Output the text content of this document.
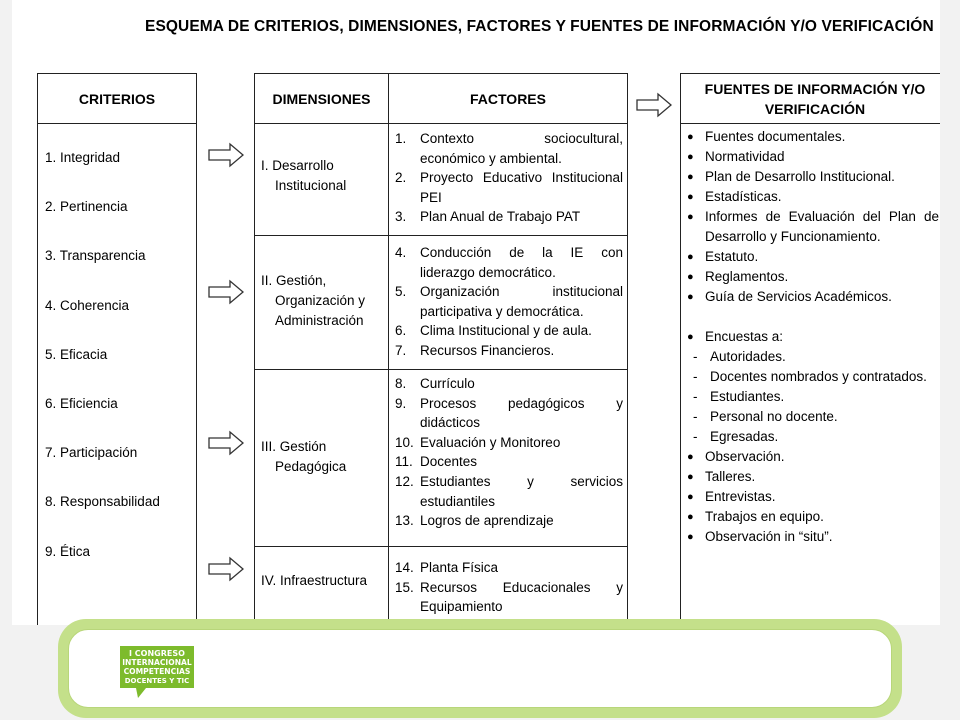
ESQUEMA DE CRITERIOS, DIMENSIONES, FACTORES Y FUENTES DE INFORMACIÓN Y/O VERIFICACIÓN
CRITERIOS
1. Integridad
2. Pertinencia
3. Transparencia
4. Coherencia
5. Eficacia
6. Eficiencia
7. Participación
8. Responsabilidad
9. Ética
DIMENSIONES	FACTORES
I. Desarrollo
Institucional
1.	Contexto sociocultural, económico y ambiental.
2.	Proyecto Educativo Institucional PEI
3.	Plan Anual de Trabajo PAT
II. Gestión,
Organización y
Administración
4.	Conducción de la IE con liderazgo democrático.
5.	Organización institucional participativa y democrática.
6.	Clima Institucional y de aula.
7.	Recursos Financieros.
III. Gestión
Pedagógica
8.	Currículo
9.	Procesos pedagógicos y didácticos
10. Evaluación y Monitoreo
11. Docentes
12. Estudiantes y servicios estudiantiles
13. Logros de aprendizaje
IV. Infraestructura
14. Planta Física
15. Recursos Educacionales y Equipamiento
FUENTES DE INFORMACIÓN Y/O
VERIFICACIÓN
● Fuentes documentales.
● Normatividad
● Plan de Desarrollo Institucional.
● Estadísticas.
● Informes de Evaluación del Plan de Desarrollo y Funcionamiento.
● Estatuto.
● Reglamentos.
● Guía de Servicios Académicos.
● Encuestas a:
- Autoridades.
- Docentes nombrados y contratados.
- Estudiantes.
- Personal no docente.
- Egresadas.
● Observación.
● Talleres.
● Entrevistas.
● Trabajos en equipo.
● Observación in “situ”.
I CONGRESO
INTERNACIONAL
COMPETENCIAS
DOCENTES Y TIC
